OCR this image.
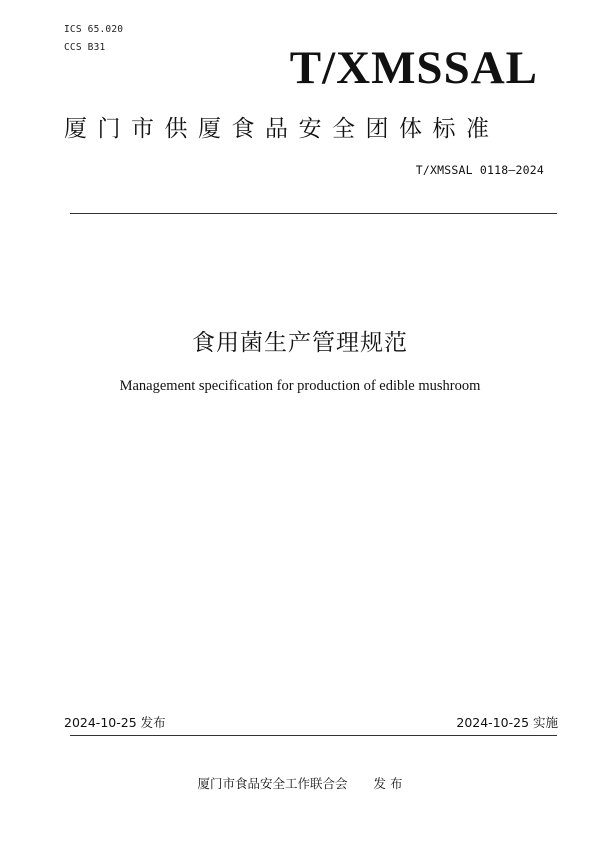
ICS 65.020
CCS B31	T/XMSSAL
厦门市供厦食品安全团体标准
T/XMSSAL 0118—2024
食用菌生产管理规范
Management specification for production of edible mushroom
2024-10-25 发布	2024-10-25 实施
厦门市食品安全工作联合会 发 布
